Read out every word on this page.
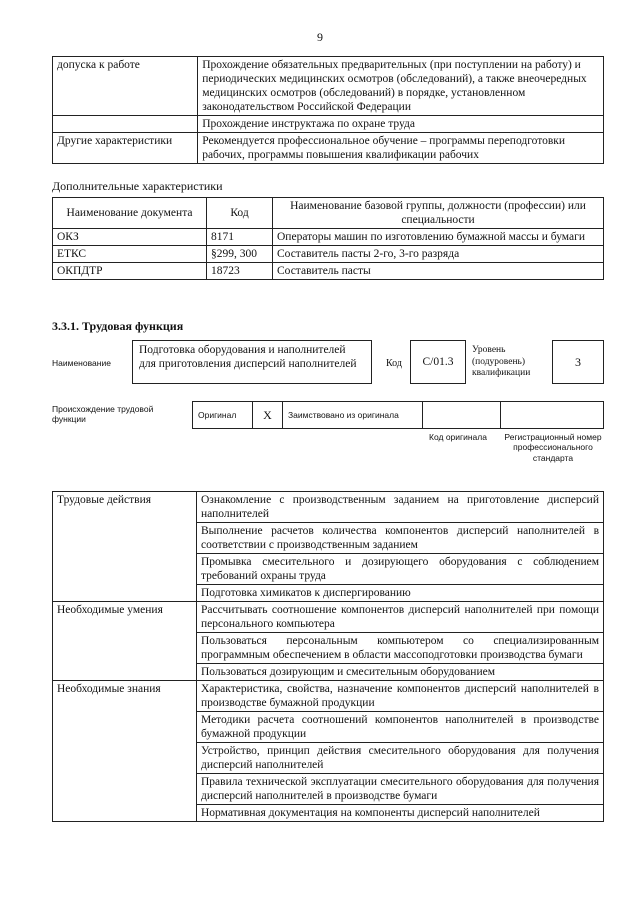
9
допуска к работе	Прохождение обязательных предварительных (при поступлении на работу) и периодических медицинских осмотров (обследований), а также внеочередных медицинских осмотров (обследований) в порядке, установленном законодательством Российской Федерации
	Прохождение инструктажа по охране труда
Другие характеристики	Рекомендуется профессиональное обучение – программы переподготовки рабочих, программы повышения квалификации рабочих
Дополнительные характеристики
Наименование документа	Код	Наименование базовой группы, должности (профессии) или специальности
ОКЗ	8171	Операторы машин по изготовлению бумажной массы и бумаги
ЕТКС	§299, 300	Составитель пасты 2-го, 3-го разряда
ОКПДТР	18723	Составитель пасты
3.3.1. Трудовая функция
Наименование
Подготовка оборудования и наполнителей для приготовления дисперсий наполнителей	Код	C/01.3
Уровень (подуровень) квалификации
3
Происхождение трудовой функции	Оригинал	X	Заимствовано из оригинала
Код оригинала Регистрационный номер профессионального стандарта
Трудовые действия	Ознакомление с производственным заданием на приготовление дисперсий наполнителей
	Выполнение расчетов количества компонентов дисперсий наполнителей в соответствии с производственным заданием
	Промывка смесительного и дозирующего оборудования с соблюдением требований охраны труда
	Подготовка химикатов к диспергированию
Необходимые умения	Рассчитывать соотношение компонентов дисперсий наполнителей при помощи персонального компьютера
	Пользоваться персональным компьютером со специализированным программным обеспечением в области массоподготовки производства бумаги
	Пользоваться дозирующим и смесительным оборудованием
Необходимые знания	Характеристика, свойства, назначение компонентов дисперсий наполнителей в производстве бумажной продукции
	Методики расчета соотношений компонентов наполнителей в производстве бумажной продукции
	Устройство, принцип действия смесительного оборудования для получения дисперсий наполнителей
	Правила технической эксплуатации смесительного оборудования для получения дисперсий наполнителей в производстве бумаги
	Нормативная документация на компоненты дисперсий наполнителей
